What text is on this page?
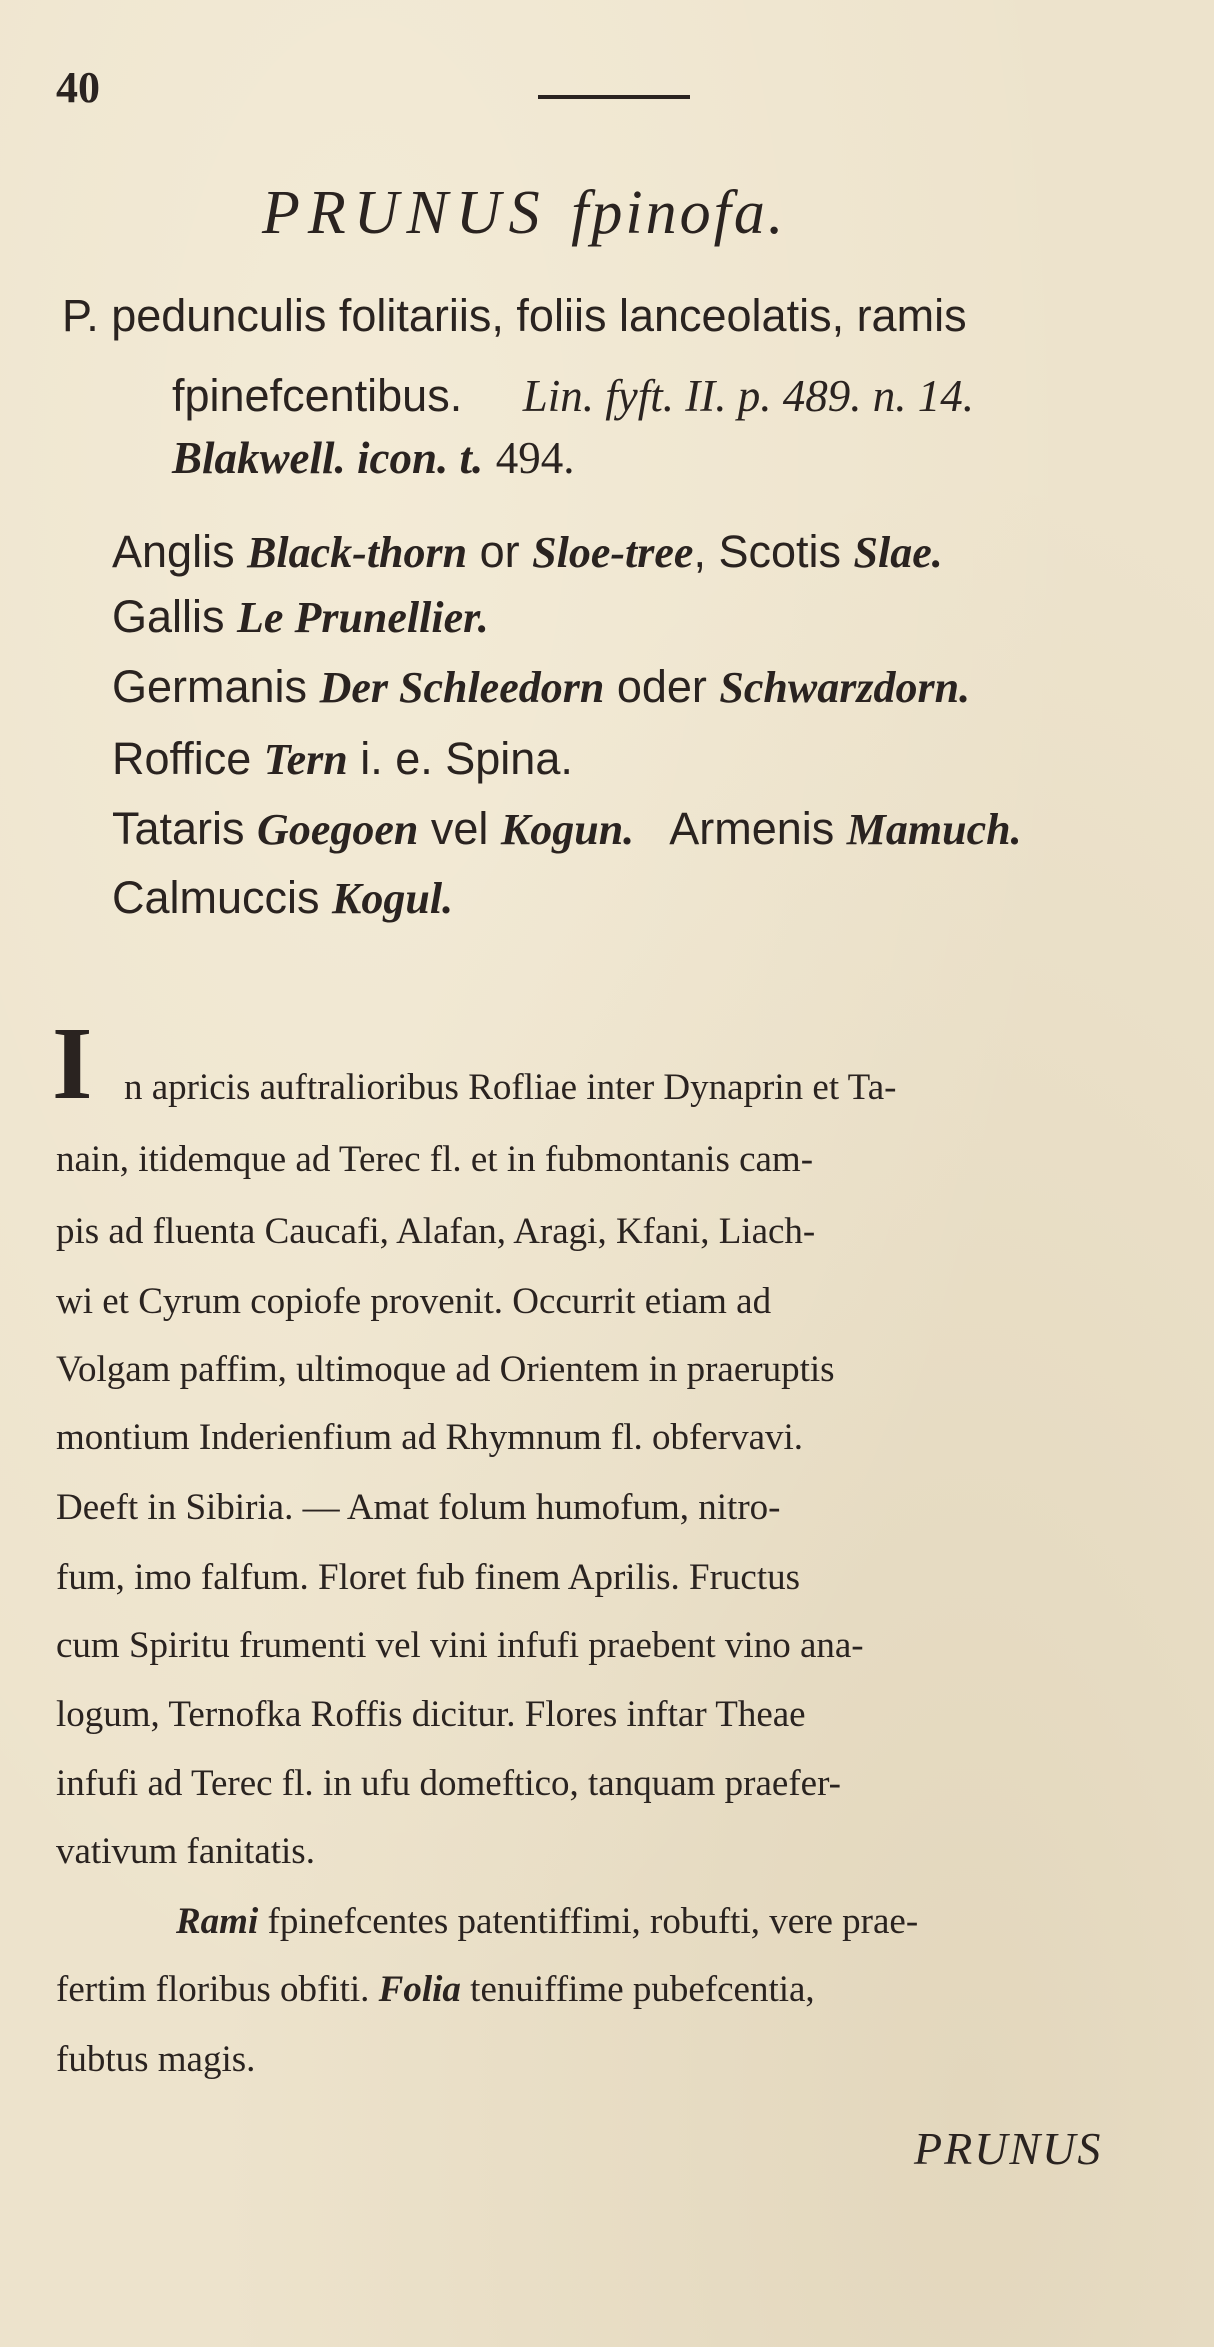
40
PRUNUS fpinofa.
P. pedunculis folitariis, foliis lanceolatis, ramis
fpinefcentibus. Lin. fyft. II. p. 489. n. 14.
Blakwell. icon. t. 494.
Anglis Black-thorn or Sloe-tree, Scotis Slae.
Gallis Le Prunellier.
Germanis Der Schleedorn oder Schwarzdorn.
Roffice Tern i. e. Spina.
Tataris Goegoen vel Kogun.   Armenis Mamuch.
Calmuccis Kogul.
I n apricis auftralioribus Rofliae inter Dynaprin et Ta-
nain, itidemque ad Terec fl. et in fubmontanis cam-
pis ad fluenta Caucafi, Alafan, Aragi, Kfani, Liach-
wi et Cyrum copiofe provenit. Occurrit etiam ad
Volgam paffim, ultimoque ad Orientem in praeruptis
montium Inderienfium ad Rhymnum fl. obfervavi.
Deeft in Sibiria. — Amat folum humofum, nitro-
fum, imo falfum. Floret fub finem Aprilis. Fructus
cum Spiritu frumenti vel vini infufi praebent vino ana-
logum, Ternofka Roffis dicitur. Flores inftar Theae
infufi ad Terec fl. in ufu domeftico, tanquam praefer-
vativum fanitatis.
Rami fpinefcentes patentiffimi, robufti, vere prae-
fertim floribus obfiti. Folia tenuiffime pubefcentia,
fubtus magis.
PRUNUS
